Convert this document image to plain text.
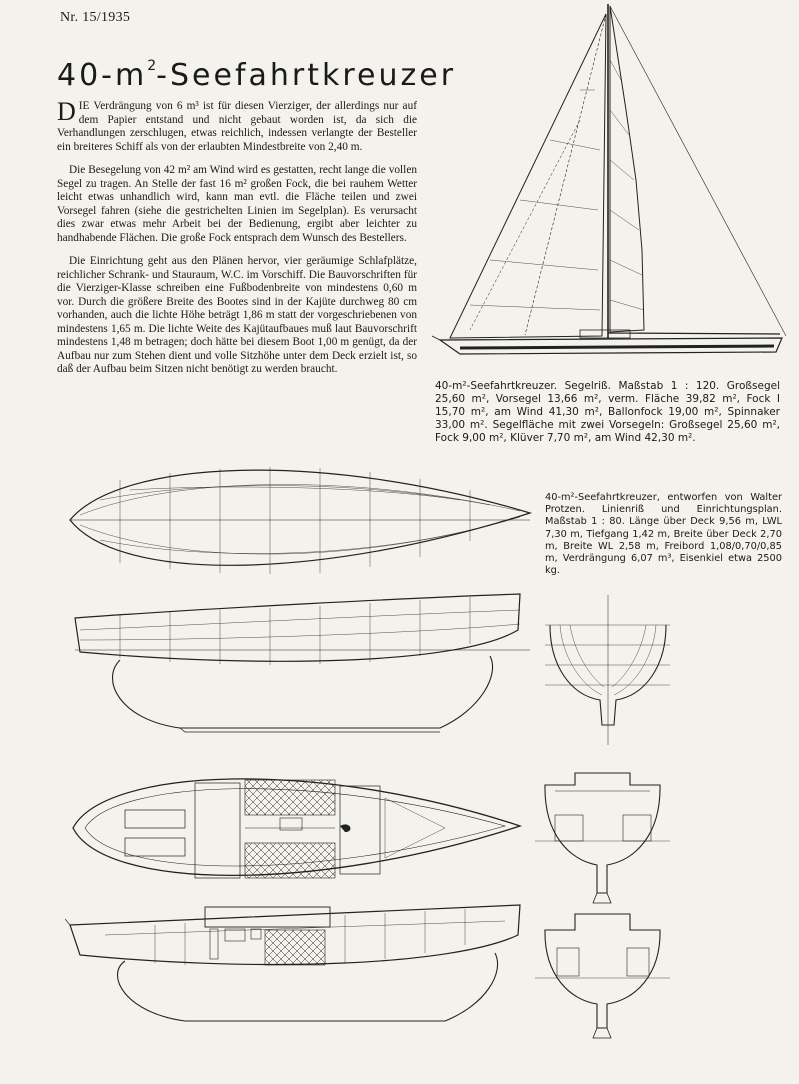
Nr. 15/1935
$40-m^2$-Seefahrtkreuzer

DIE Verdrängung von 6 m³ ist für diesen Vierziger, der allerdings nur auf dem Papier entstand und nicht gebaut worden ist, da sich die Verhandlungen zerschlugen, etwas reichlich, indessen verlangte der Besteller ein breiteres Schiff als von der erlaubten Mindestbreite von 2,40 m.

Die Besegelung von 42 m² am Wind wird es gestatten, recht lange die vollen Segel zu tragen. An Stelle der fast 16 m² großen Fock, die bei rauhem Wetter leicht etwas unhandlich wird, kann man evtl. die Fläche teilen und zwei Vorsegel fahren (siehe die gestrichelten Linien im Segelplan). Es verursacht dies zwar etwas mehr Arbeit bei der Bedienung, ergibt aber leichter zu handhabende Flächen. Die große Fock entsprach dem Wunsch des Bestellers.

Die Einrichtung geht aus den Plänen hervor, vier geräumige Schlafplätze, reichlicher Schrank- und Stauraum, W.C. im Vorschiff. Die Bauvorschriften für die Vierziger-Klasse schreiben eine Fußbodenbreite von mindestens 0,60 m vor. Durch die größere Breite des Bootes sind in der Kajüte durchweg 80 cm vorhanden, auch die lichte Höhe beträgt 1,86 m statt der vorgeschriebenen von mindestens 1,65 m. Die lichte Weite des Kajütaufbaues muß laut Bauvorschrift mindestens 1,48 m betragen; doch hätte bei diesem Boot 1,00 m genügt, da der Aufbau nur zum Stehen dient und volle Sitzhöhe unter dem Deck erzielt ist, so daß der Aufbau beim Sitzen nicht benötigt zu werden braucht.

40-m²-Seefahrtkreuzer. Segelriß. Maßstab 1 : 120. Großsegel 25,60 m², Vorsegel 13,66 m², verm. Fläche 39,82 m², Fock I 15,70 m², am Wind 41,30 m², Ballonfock 19,00 m², Spinnaker 33,00 m². Segelfläche mit zwei Vorsegeln: Großsegel 25,60 m², Fock 9,00 m², Klüver 7,70 m², am Wind 42,30 m².
40-m²-Seefahrtkreuzer, entworfen von Walter Protzen. Linienriß und Einrichtungsplan. Maßstab 1 : 80. Länge über Deck 9,56 m, LWL 7,30 m, Tiefgang 1,42 m, Breite über Deck 2,70 m, Breite WL 2,58 m, Freibord 1,08/0,70/0,85 m, Verdrängung 6,07 m³, Eisenkiel etwa 2500 kg.
